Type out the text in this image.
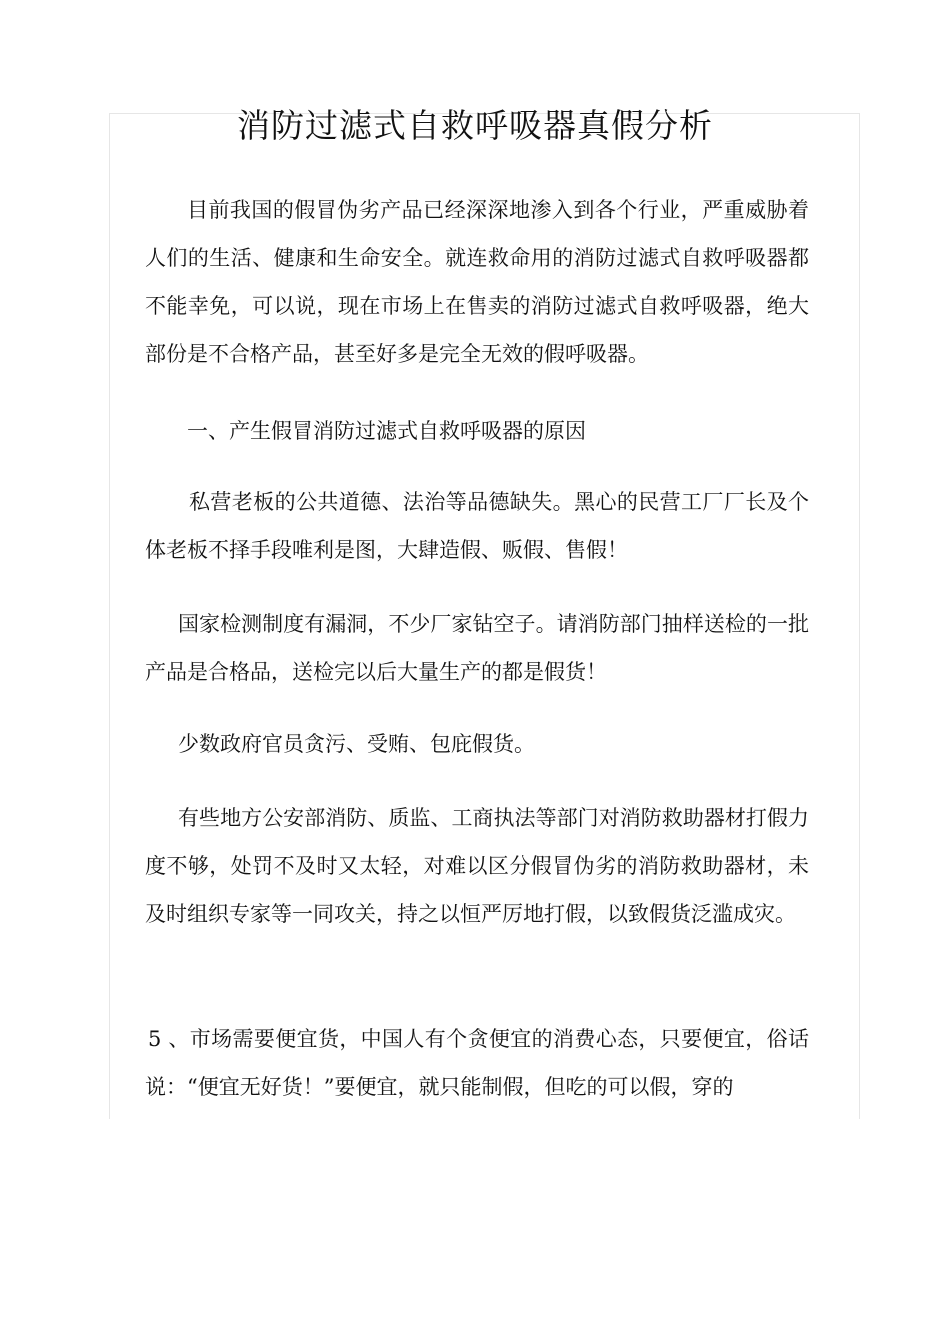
消防过滤式自救呼吸器真假分析

目前我国的假冒伪劣产品已经深深地渗入到各个行业，严重威胁着人们的生活、健康和生命安全。就连救命用的消防过滤式自救呼吸器都不能幸免，可以说，现在市场上在售卖的消防过滤式自救呼吸器，绝大部份是不合格产品，甚至好多是完全无效的假呼吸器。

一、产生假冒消防过滤式自救呼吸器的原因

私营老板的公共道德、法治等品德缺失。黑心的民营工厂厂长及个体老板不择手段唯利是图，大肆造假、贩假、售假！

国家检测制度有漏洞，不少厂家钻空子。请消防部门抽样送检的一批产品是合格品，送检完以后大量生产的都是假货！

少数政府官员贪污、受贿、包庇假货。

有些地方公安部消防、质监、工商执法等部门对消防救助器材打假力度不够，处罚不及时又太轻，对难以区分假冒伪劣的消防救助器材，未及时组织专家等一同攻关，持之以恒严厉地打假，以致假货泛滥成灾。

5 、市场需要便宜货，中国人有个贪便宜的消费心态，只要便宜，俗话说：“便宜无好货！”要便宜，就只能制假，但吃的可以假，穿的
